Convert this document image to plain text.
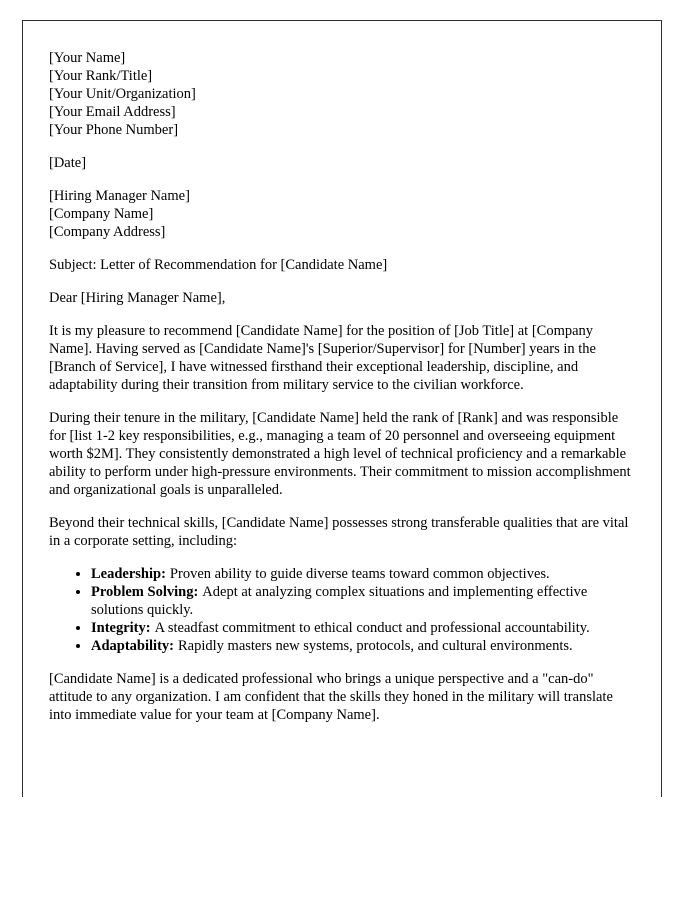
[Your Name]
[Your Rank/Title]
[Your Unit/Organization]
[Your Email Address]
[Your Phone Number]
[Date]
[Hiring Manager Name]
[Company Name]
[Company Address]

Subject: Letter of Recommendation for [Candidate Name]

Dear [Hiring Manager Name],

It is my pleasure to recommend [Candidate Name] for the position of [Job Title] at [Company Name]. Having served as [Candidate Name]'s [Superior/Supervisor] for [Number] years in the [Branch of Service], I have witnessed firsthand their exceptional leadership, discipline, and adaptability during their transition from military service to the civilian workforce.

During their tenure in the military, [Candidate Name] held the rank of [Rank] and was responsible for [list 1-2 key responsibilities, e.g., managing a team of 20 personnel and overseeing equipment worth $2M]. They consistently demonstrated a high level of technical proficiency and a remarkable ability to perform under high-pressure environments. Their commitment to mission accomplishment and organizational goals is unparalleled.

Beyond their technical skills, [Candidate Name] possesses strong transferable qualities that are vital in a corporate setting, including:

• Leadership: Proven ability to guide diverse teams toward common objectives.
• Problem Solving: Adept at analyzing complex situations and implementing effective solutions quickly.
• Integrity: A steadfast commitment to ethical conduct and professional accountability.
• Adaptability: Rapidly masters new systems, protocols, and cultural environments.

[Candidate Name] is a dedicated professional who brings a unique perspective and a "can-do" attitude to any organization. I am confident that the skills they honed in the military will translate into immediate value for your team at [Company Name].
